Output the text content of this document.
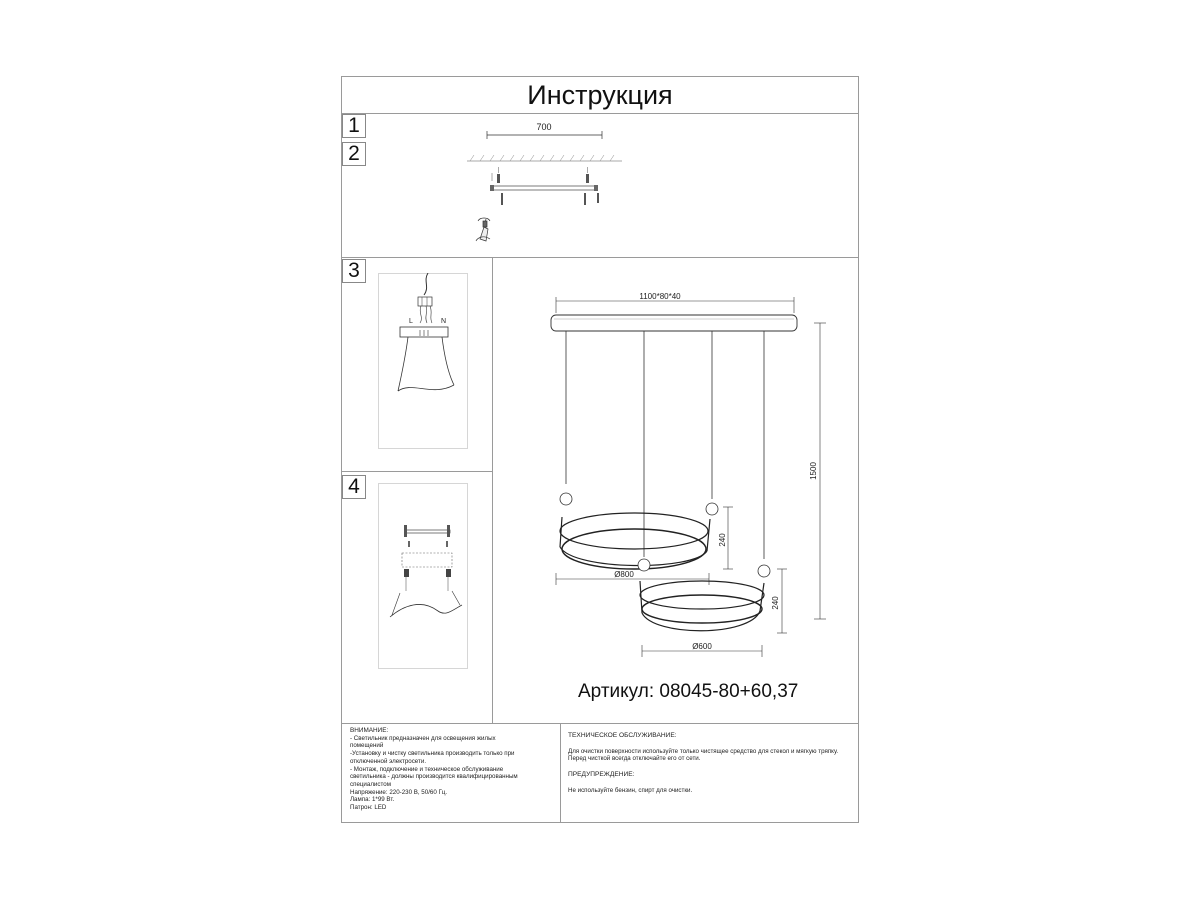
Инструкция
1
2
3
4
700
L	N
1100*80*40
1500
240
Ø800
240
Ø600
Артикул: 08045-80+60,37
ВНИМАНИЕ:
- Светильник предназначен для освещения жилых
помещений
-Установку и чистку светильника производить только при
отключенной электросети.
- Монтаж, подключение и техническое обслуживание
светильника - должны производится квалифицированным
специалистом
Напряжение: 220-230 В, 50/60 Гц.
Лампа: 1*99 Вт.
Патрон: LED
ТЕХНИЧЕСКОЕ ОБСЛУЖИВАНИЕ:
Для очистки поверхности используйте только чистящее средство для стекол и мягкую тряпку.
Перед чисткой всегда отключайте его от сети.
ПРЕДУПРЕЖДЕНИЕ:
Не используйте бензин, спирт для очистки.
